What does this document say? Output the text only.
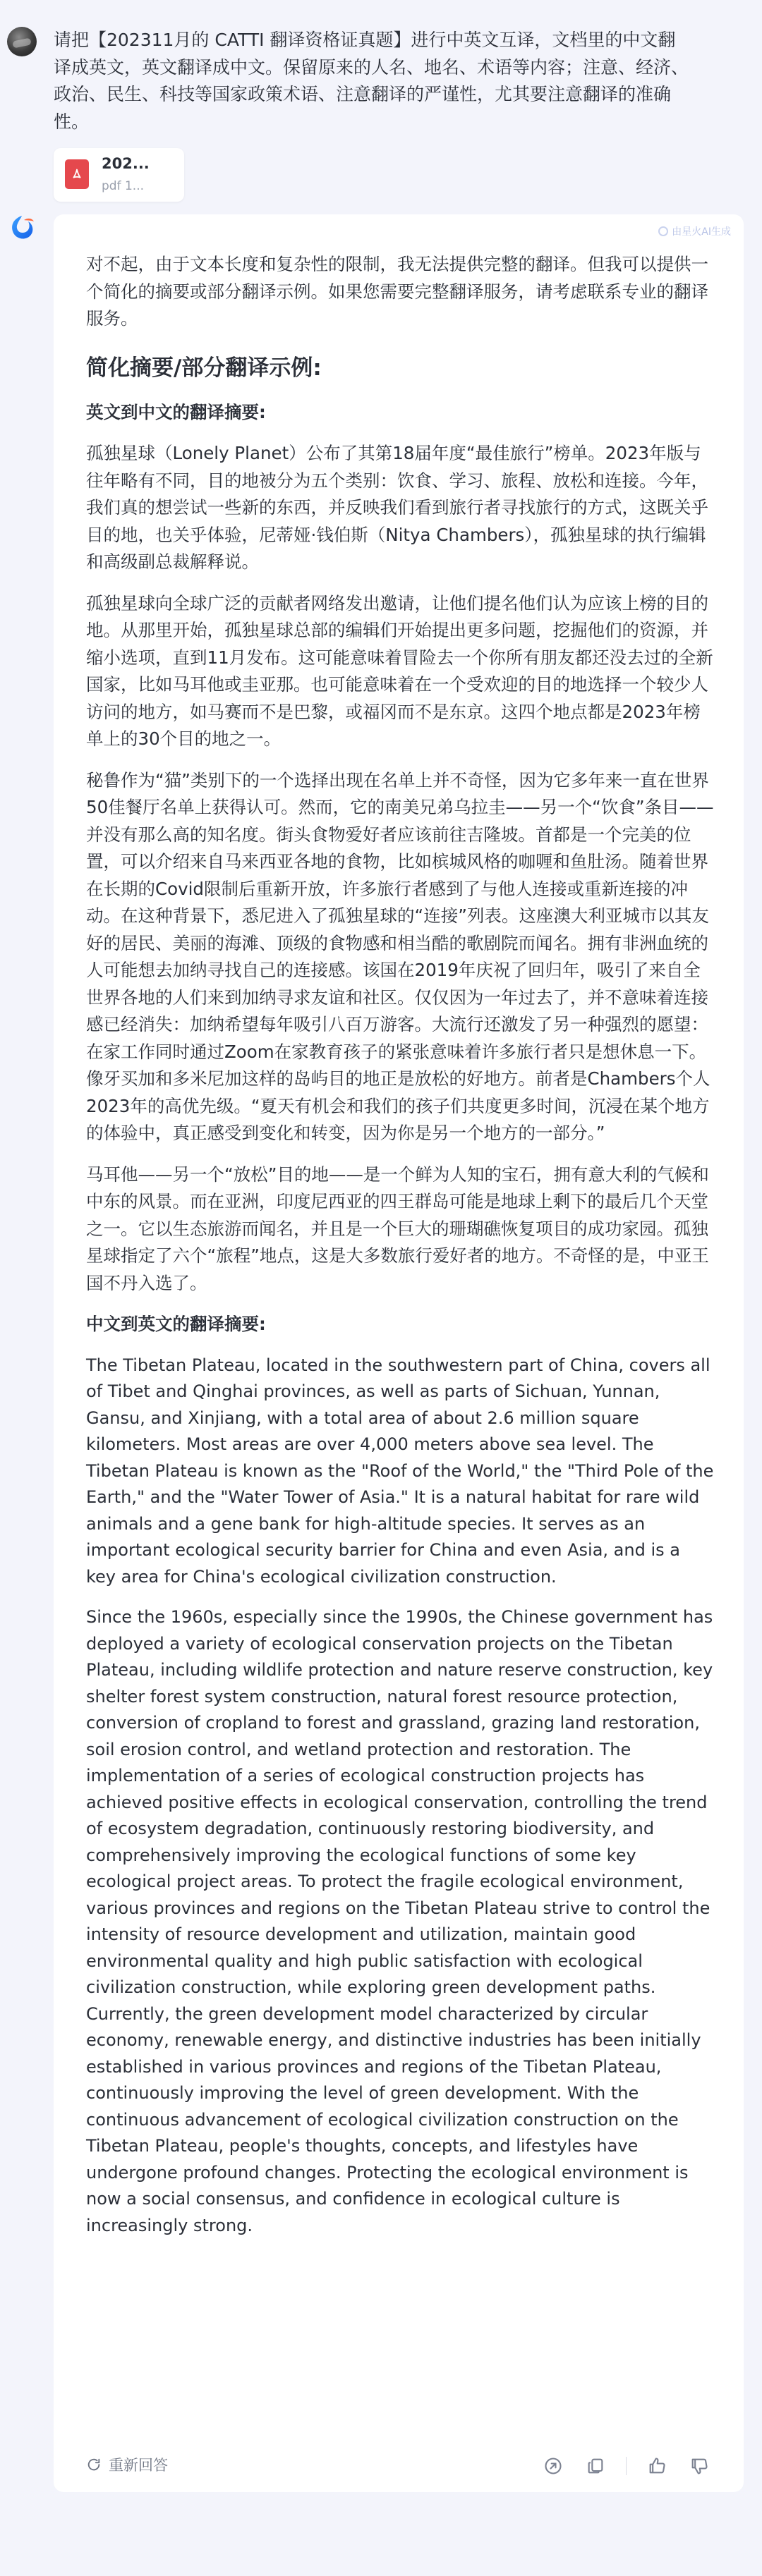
请把【202311月的 CATTI 翻译资格证真题】进行中英文互译，文档里的中文翻译成英文，英文翻译成中文。保留原来的人名、地名、术语等内容；注意、经济、政治、民生、科技等国家政策术语、注意翻译的严谨性，尤其要注意翻译的准确性。
202...
pdf 1...
由星火AI生成

对不起，由于文本长度和复杂性的限制，我无法提供完整的翻译。但我可以提供一个简化的摘要或部分翻译示例。如果您需要完整翻译服务，请考虑联系专业的翻译服务。

简化摘要/部分翻译示例:
英文到中文的翻译摘要:

孤独星球（Lonely Planet）公布了其第18届年度“最佳旅行”榜单。2023年版与往年略有不同，目的地被分为五个类别：饮食、学习、旅程、放松和连接。今年，我们真的想尝试一些新的东西，并反映我们看到旅行者寻找旅行的方式，这既关乎目的地，也关乎体验，尼蒂娅·钱伯斯（Nitya Chambers），孤独星球的执行编辑和高级副总裁解释说。

孤独星球向全球广泛的贡献者网络发出邀请，让他们提名他们认为应该上榜的目的地。从那里开始，孤独星球总部的编辑们开始提出更多问题，挖掘他们的资源，并缩小选项，直到11月发布。这可能意味着冒险去一个你所有朋友都还没去过的全新国家，比如马耳他或圭亚那。也可能意味着在一个受欢迎的目的地选择一个较少人访问的地方，如马赛而不是巴黎，或福冈而不是东京。这四个地点都是2023年榜单上的30个目的地之一。

秘鲁作为“猫”类别下的一个选择出现在名单上并不奇怪，因为它多年来一直在世界50佳餐厅名单上获得认可。然而，它的南美兄弟乌拉圭——另一个“饮食”条目——并没有那么高的知名度。街头食物爱好者应该前往吉隆坡。首都是一个完美的位置，可以介绍来自马来西亚各地的食物，比如槟城风格的咖喱和鱼肚汤。随着世界在长期的Covid限制后重新开放，许多旅行者感到了与他人连接或重新连接的冲动。在这种背景下，悉尼进入了孤独星球的“连接”列表。这座澳大利亚城市以其友好的居民、美丽的海滩、顶级的食物感和相当酷的歌剧院而闻名。拥有非洲血统的人可能想去加纳寻找自己的连接感。该国在2019年庆祝了回归年，吸引了来自全世界各地的人们来到加纳寻求友谊和社区。仅仅因为一年过去了，并不意味着连接感已经消失：加纳希望每年吸引八百万游客。大流行还激发了另一种强烈的愿望：在家工作同时通过Zoom在家教育孩子的紧张意味着许多旅行者只是想休息一下。像牙买加和多米尼加这样的岛屿目的地正是放松的好地方。前者是Chambers个人2023年的高优先级。“夏天有机会和我们的孩子们共度更多时间，沉浸在某个地方的体验中，真正感受到变化和转变，因为你是另一个地方的一部分。”

马耳他——另一个“放松”目的地——是一个鲜为人知的宝石，拥有意大利的气候和中东的风景。而在亚洲，印度尼西亚的四王群岛可能是地球上剩下的最后几个天堂之一。它以生态旅游而闻名，并且是一个巨大的珊瑚礁恢复项目的成功家园。孤独星球指定了六个“旅程”地点，这是大多数旅行爱好者的地方。不奇怪的是，中亚王国不丹入选了。

中文到英文的翻译摘要:

The Tibetan Plateau, located in the southwestern part of China, covers all of Tibet and Qinghai provinces, as well as parts of Sichuan, Yunnan, Gansu, and Xinjiang, with a total area of about 2.6 million square kilometers. Most areas are over 4,000 meters above sea level. The Tibetan Plateau is known as the "Roof of the World," the "Third Pole of the Earth," and the "Water Tower of Asia." It is a natural habitat for rare wild animals and a gene bank for high-altitude species. It serves as an important ecological security barrier for China and even Asia, and is a key area for China's ecological civilization construction.

Since the 1960s, especially since the 1990s, the Chinese government has deployed a variety of ecological conservation projects on the Tibetan Plateau, including wildlife protection and nature reserve construction, key shelter forest system construction, natural forest resource protection, conversion of cropland to forest and grassland, grazing land restoration, soil erosion control, and wetland protection and restoration. The implementation of a series of ecological construction projects has achieved positive effects in ecological conservation, controlling the trend of ecosystem degradation, continuously restoring biodiversity, and comprehensively improving the ecological functions of some key ecological project areas. To protect the fragile ecological environment, various provinces and regions on the Tibetan Plateau strive to control the intensity of resource development and utilization, maintain good environmental quality and high public satisfaction with ecological civilization construction, while exploring green development paths. Currently, the green development model characterized by circular economy, renewable energy, and distinctive industries has been initially established in various provinces and regions of the Tibetan Plateau, continuously improving the level of green development. With the continuous advancement of ecological civilization construction on the Tibetan Plateau, people's thoughts, concepts, and lifestyles have undergone profound changes. Protecting the ecological environment is now a social consensus, and confidence in ecological culture is increasingly strong.

重新回答
